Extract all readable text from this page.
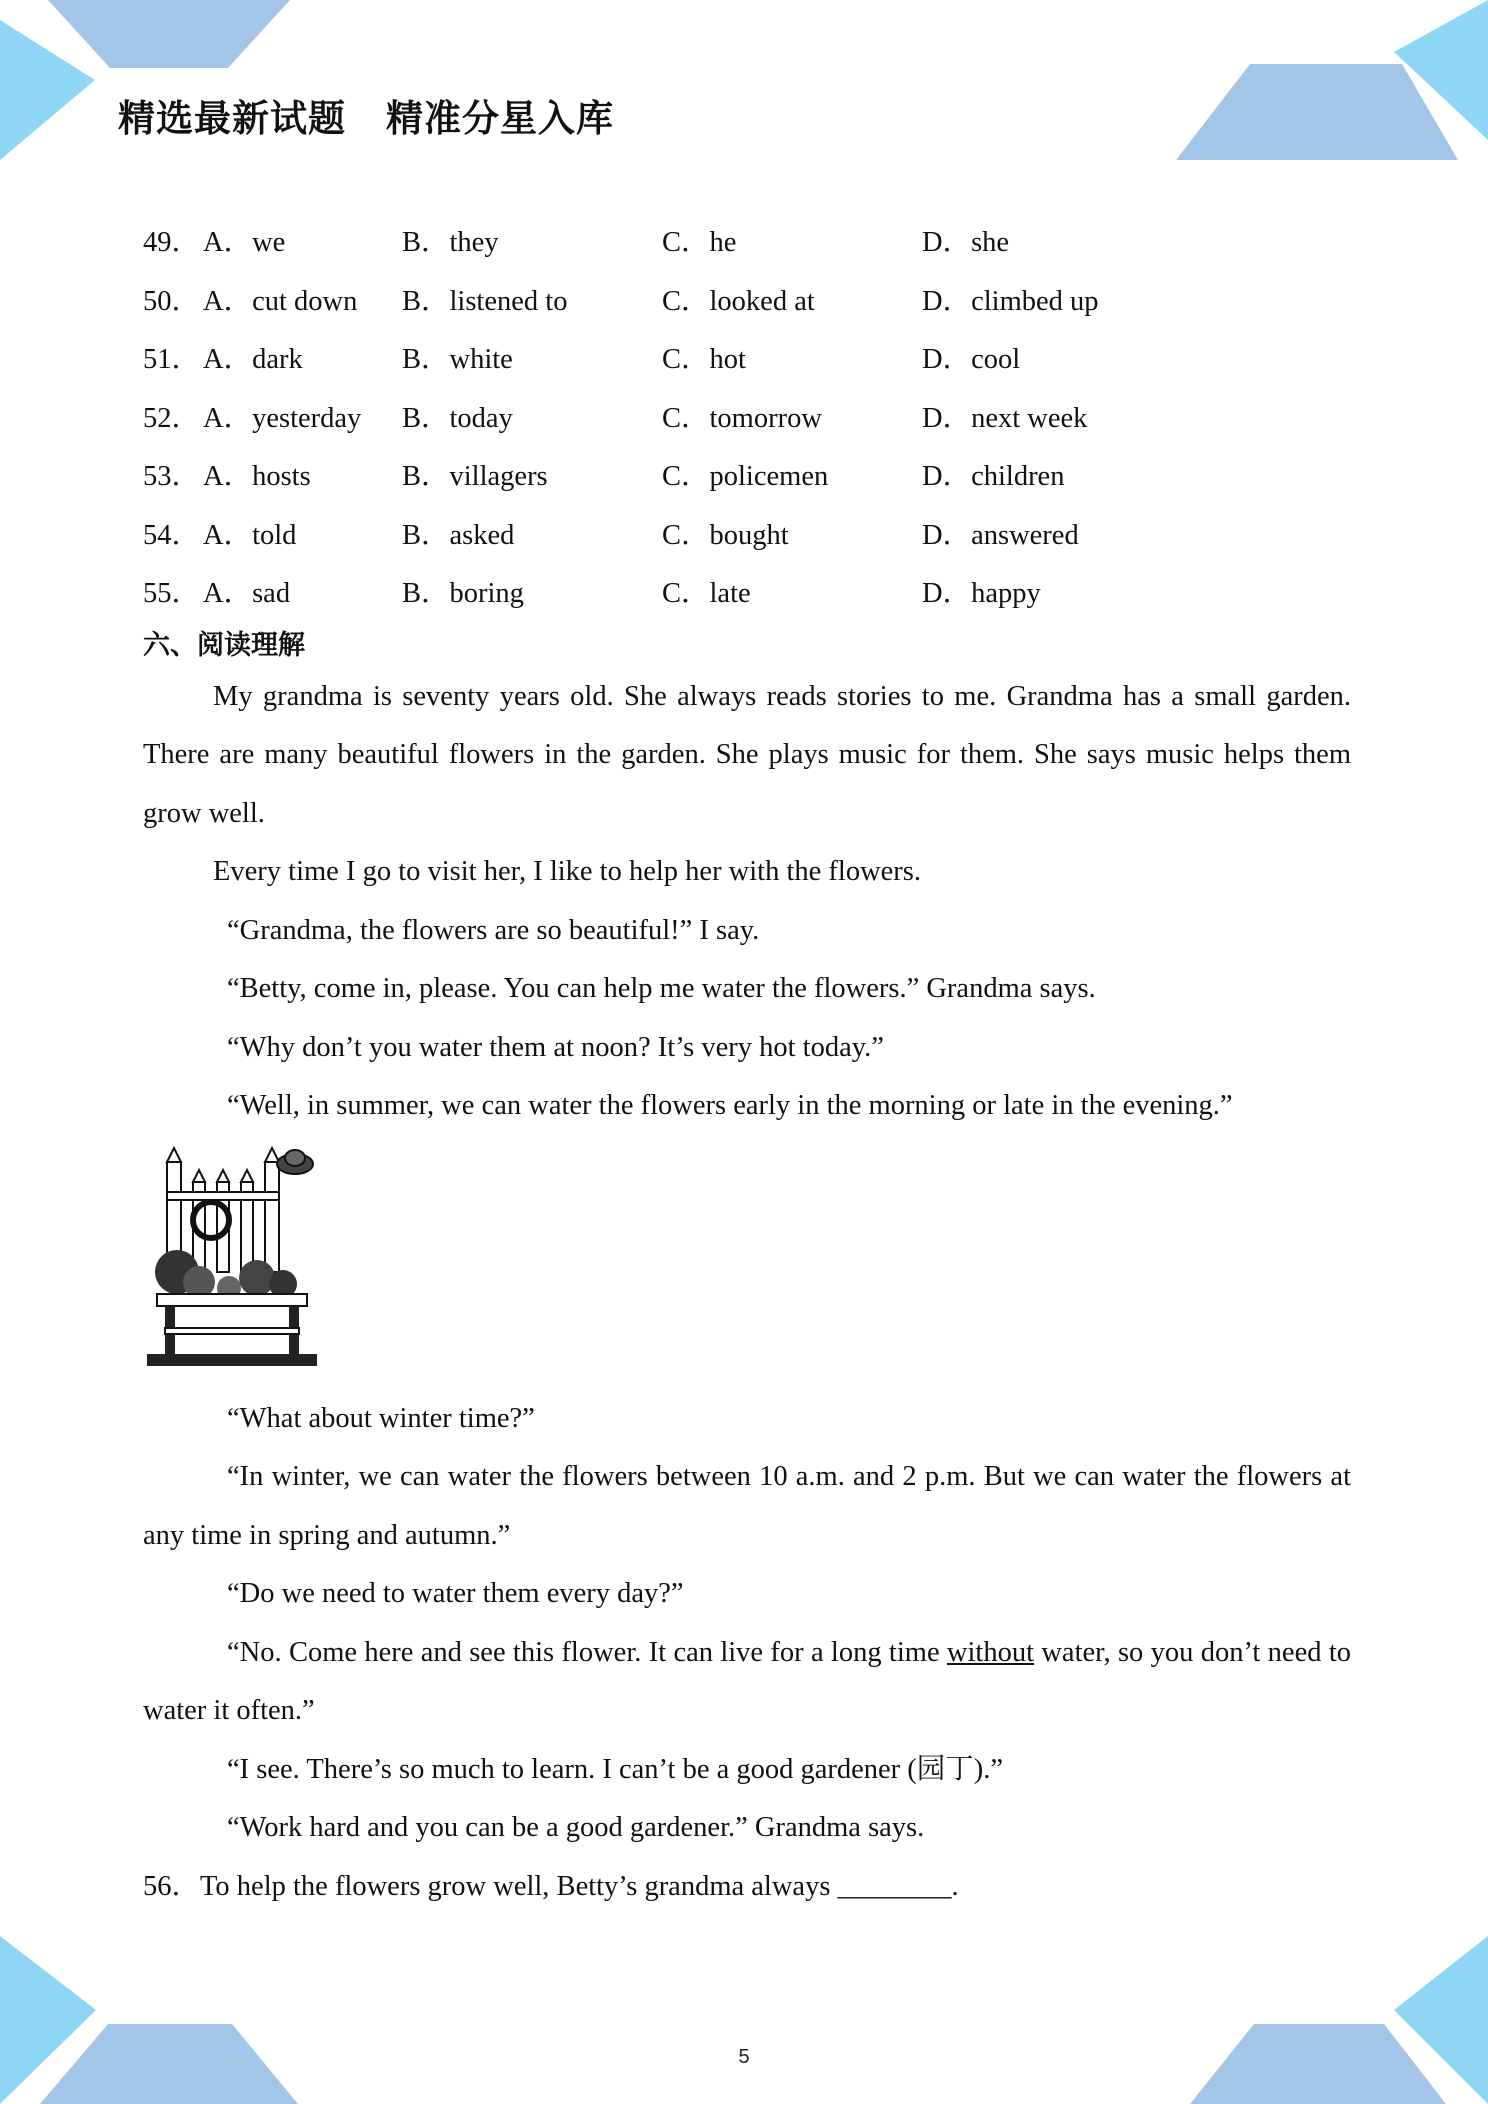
精选最新试题 精准分星入库
49． A．we	B．they	C．he	D．she
50． A．cut down B．listened to	C．looked at	D．climbed up
51． A．dark	B．white	C．hot	D．cool
52． A．yesterday B．today	C．tomorrow	D．next week
53． A．hosts	B．villagers	C．policemen	D．children
54． A．told	B．asked	C．bought	D．answered
55． A．sad	B．boring	C．late	D．happy
六、阅读理解
My grandma is seventy years old. She always reads stories to me. Grandma has a small garden. There are many beautiful flowers in the garden. She plays music for them. She says music helps them grow well.
Every time I go to visit her, I like to help her with the flowers.
“Grandma, the flowers are so beautiful!” I say.
“Betty, come in, please. You can help me water the flowers.” Grandma says.
“Why don’t you water them at noon? It’s very hot today.”
“Well, in summer, we can water the flowers early in the morning or late in the evening.”
“What about winter time?”
“In winter, we can water the flowers between 10 a.m. and 2 p.m. But we can water the flowers at any time in spring and autumn.”
“Do we need to water them every day?”
“No. Come here and see this flower. It can live for a long time without water, so you don’t need to water it often.”
“I see. There’s so much to learn. I can’t be a good gardener (园丁).”
“Work hard and you can be a good gardener.” Grandma says.
56．To help the flowers grow well, Betty’s grandma always ________.
5
